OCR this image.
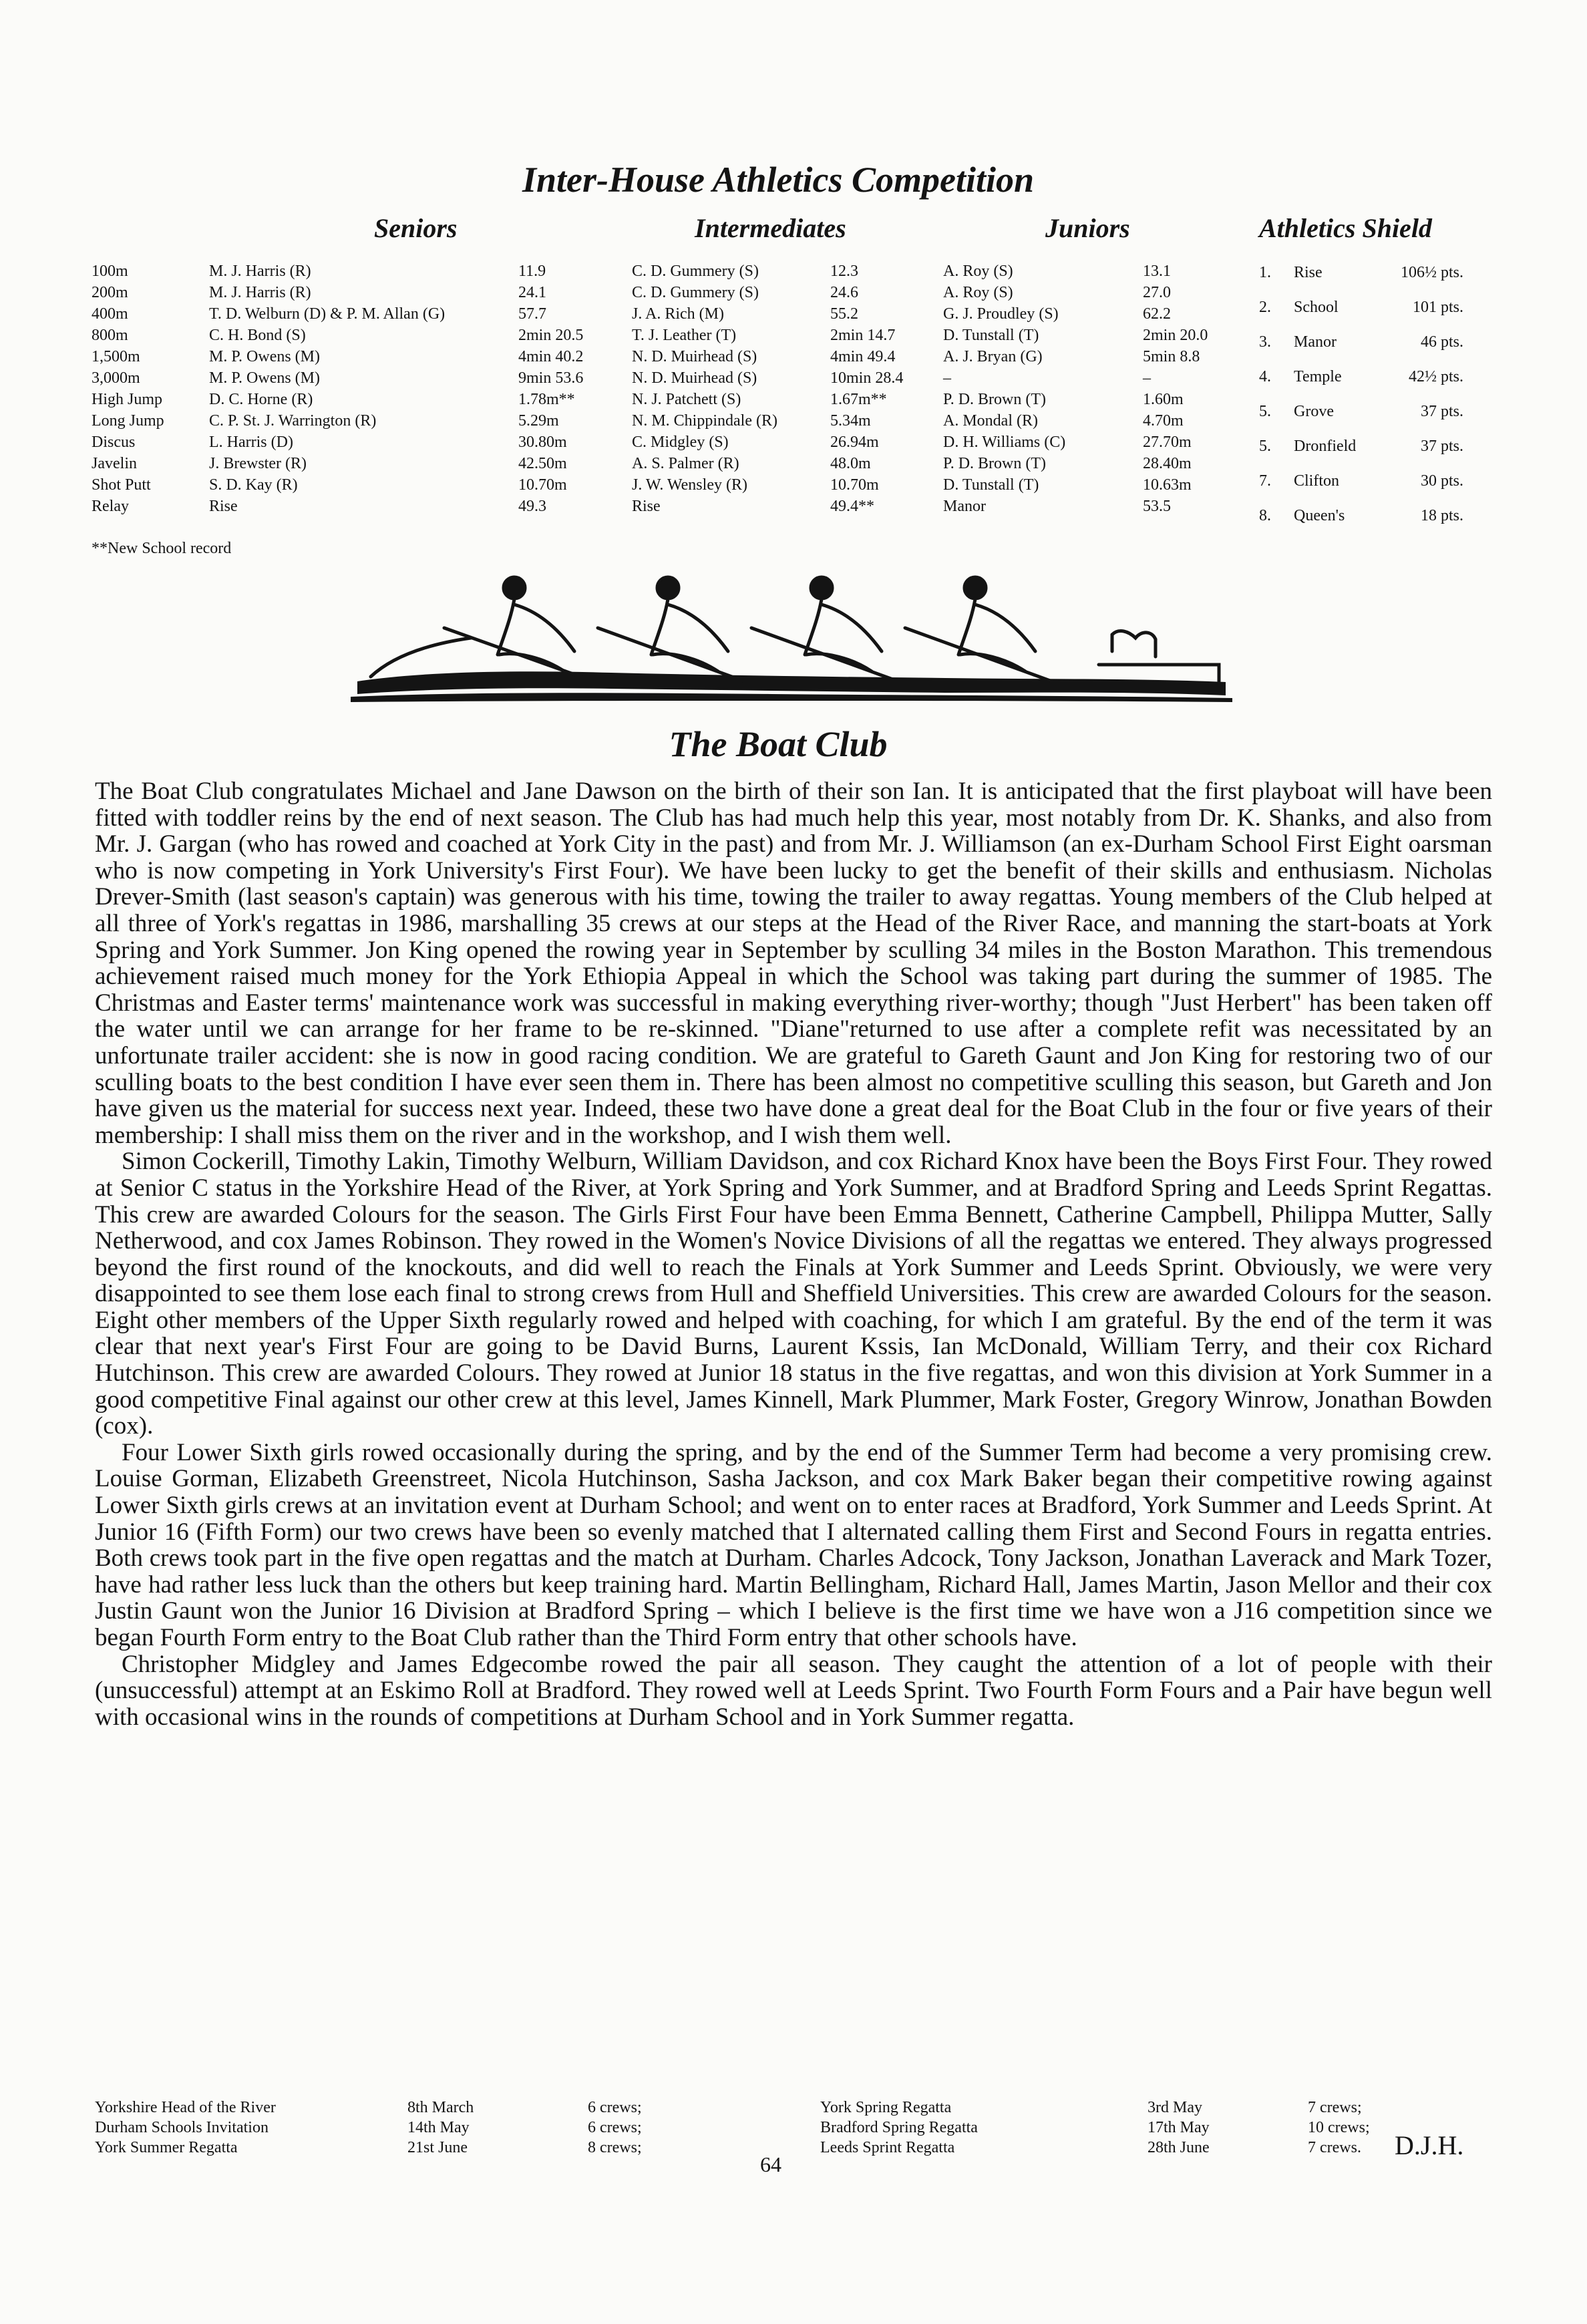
Inter-House Athletics Competition
Seniors	Intermediates	Juniors	Athletics Shield
100m	M. J. Harris (R)	11.9	C. D. Gummery (S)	12.3	A. Roy (S)	13.1
200m	M. J. Harris (R)	24.1	C. D. Gummery (S)	24.6	A. Roy (S)	27.0
400m	T. D. Welburn (D) & P. M. Allan (G)	57.7	J. A. Rich (M)	55.2	G. J. Proudley (S)	62.2
800m	C. H. Bond (S)	2min 20.5	T. J. Leather (T)	2min 14.7	D. Tunstall (T)	2min 20.0
1,500m	M. P. Owens (M)	4min 40.2	N. D. Muirhead (S)	4min 49.4	A. J. Bryan (G)	5min 8.8
3,000m	M. P. Owens (M)	9min 53.6	N. D. Muirhead (S)	10min 28.4	–	–
High Jump	D. C. Horne (R)	1.78m**	N. J. Patchett (S)	1.67m**	P. D. Brown (T)	1.60m
Long Jump	C. P. St. J. Warrington (R)	5.29m	N. M. Chippindale (R)	5.34m	A. Mondal (R)	4.70m
Discus	L. Harris (D)	30.80m	C. Midgley (S)	26.94m	D. H. Williams (C)	27.70m
Javelin	J. Brewster (R)	42.50m	A. S. Palmer (R)	48.0m	P. D. Brown (T)	28.40m
Shot Putt	S. D. Kay (R)	10.70m	J. W. Wensley (R)	10.70m	D. Tunstall (T)	10.63m
Relay	Rise	49.3	Rise	49.4**	Manor	53.5
1.	Rise	106½ pts.
2.	School	101 pts.
3.	Manor	46 pts.
4.	Temple	42½ pts.
5.	Grove	37 pts.
5.	Dronfield	37 pts.
7.	Clifton	30 pts.
8.	Queen's	18 pts.
**New School record
The Boat Club

The Boat Club congratulates Michael and Jane Dawson on the birth of their son Ian. It is anticipated that the first playboat will have been fitted with toddler reins by the end of next season. The Club has had much help this year, most notably from Dr. K. Shanks, and also from Mr. J. Gargan (who has rowed and coached at York City in the past) and from Mr. J. Williamson (an ex-Durham School First Eight oarsman who is now competing in York University's First Four). We have been lucky to get the benefit of their skills and enthusiasm. Nicholas Drever-Smith (last season's captain) was generous with his time, towing the trailer to away regattas. Young members of the Club helped at all three of York's regattas in 1986, marshalling 35 crews at our steps at the Head of the River Race, and manning the start-boats at York Spring and York Summer. Jon King opened the rowing year in September by sculling 34 miles in the Boston Marathon. This tremendous achievement raised much money for the York Ethiopia Appeal in which the School was taking part during the summer of 1985. The Christmas and Easter terms' maintenance work was successful in making everything river-worthy; though "Just Herbert" has been taken off the water until we can arrange for her frame to be re-skinned. "Diane"returned to use after a complete refit was necessitated by an unfortunate trailer accident: she is now in good racing condition. We are grateful to Gareth Gaunt and Jon King for restoring two of our sculling boats to the best condition I have ever seen them in. There has been almost no competitive sculling this season, but Gareth and Jon have given us the material for success next year. Indeed, these two have done a great deal for the Boat Club in the four or five years of their membership: I shall miss them on the river and in the workshop, and I wish them well.

Simon Cockerill, Timothy Lakin, Timothy Welburn, William Davidson, and cox Richard Knox have been the Boys First Four. They rowed at Senior C status in the Yorkshire Head of the River, at York Spring and York Summer, and at Bradford Spring and Leeds Sprint Regattas. This crew are awarded Colours for the season. The Girls First Four have been Emma Bennett, Catherine Campbell, Philippa Mutter, Sally Netherwood, and cox James Robinson. They rowed in the Women's Novice Divisions of all the regattas we entered. They always progressed beyond the first round of the knockouts, and did well to reach the Finals at York Summer and Leeds Sprint. Obviously, we were very disappointed to see them lose each final to strong crews from Hull and Sheffield Universities. This crew are awarded Colours for the season. Eight other members of the Upper Sixth regularly rowed and helped with coaching, for which I am grateful. By the end of the term it was clear that next year's First Four are going to be David Burns, Laurent Kssis, Ian McDonald, William Terry, and their cox Richard Hutchinson. This crew are awarded Colours. They rowed at Junior 18 status in the five regattas, and won this division at York Summer in a good competitive Final against our other crew at this level, James Kinnell, Mark Plummer, Mark Foster, Gregory Winrow, Jonathan Bowden (cox).

Four Lower Sixth girls rowed occasionally during the spring, and by the end of the Summer Term had become a very promising crew. Louise Gorman, Elizabeth Greenstreet, Nicola Hutchinson, Sasha Jackson, and cox Mark Baker began their competitive rowing against Lower Sixth girls crews at an invitation event at Durham School; and went on to enter races at Bradford, York Summer and Leeds Sprint. At Junior 16 (Fifth Form) our two crews have been so evenly matched that I alternated calling them First and Second Fours in regatta entries. Both crews took part in the five open regattas and the match at Durham. Charles Adcock, Tony Jackson, Jonathan Laverack and Mark Tozer, have had rather less luck than the others but keep training hard. Martin Bellingham, Richard Hall, James Martin, Jason Mellor and their cox Justin Gaunt won the Junior 16 Division at Bradford Spring – which I believe is the first time we have won a J16 competition since we began Fourth Form entry to the Boat Club rather than the Third Form entry that other schools have.

Christopher Midgley and James Edgecombe rowed the pair all season. They caught the attention of a lot of people with their (unsuccessful) attempt at an Eskimo Roll at Bradford. They rowed well at Leeds Sprint. Two Fourth Form Fours and a Pair have begun well with occasional wins in the rounds of competitions at Durham School and in York Summer regatta.

Yorkshire Head of the River	8th March	6 crews;
Durham Schools Invitation	14th May	6 crews;
York Summer Regatta	21st June	8 crews;
York Spring Regatta	3rd May	7 crews;
Bradford Spring Regatta	17th May	10 crews;
Leeds Sprint Regatta	28th June	7 crews. D.J.H.
64
